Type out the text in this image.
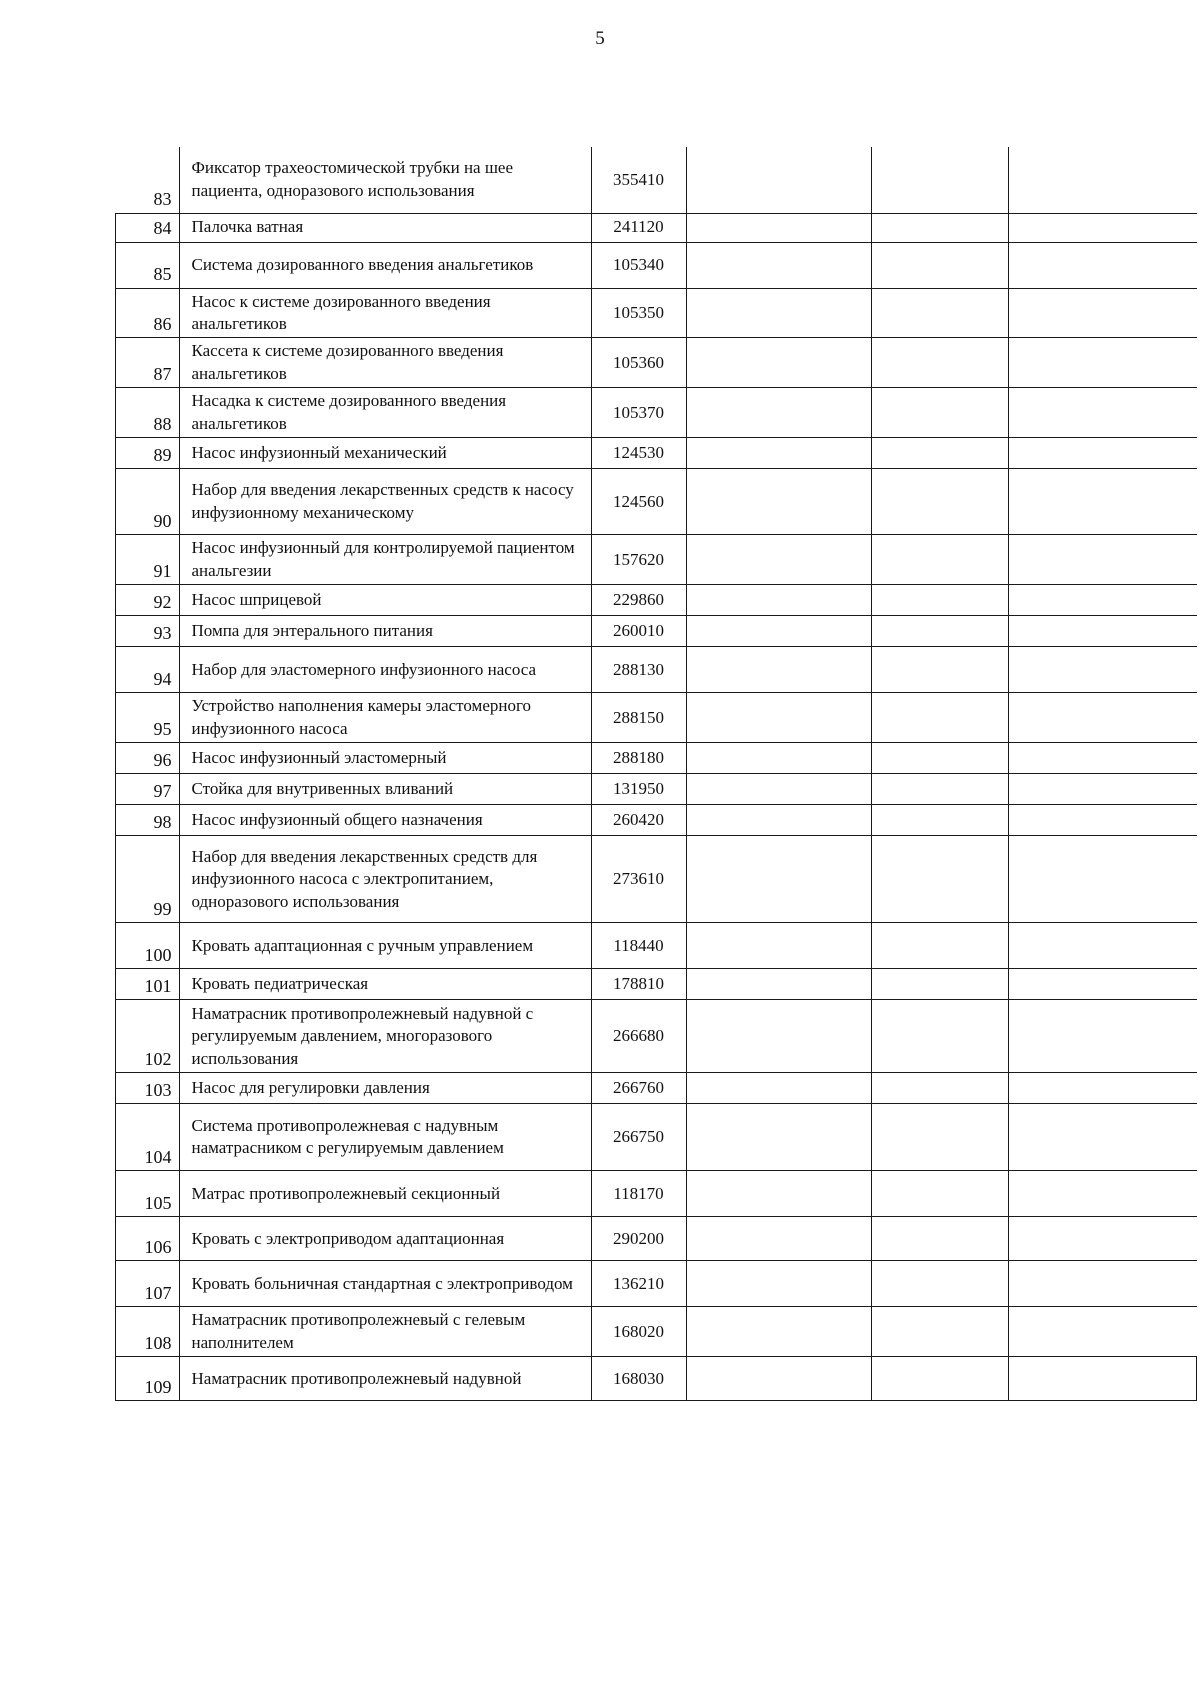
5
83	Фиксатор трахеостомической трубки на шее пациента, одноразового использования	355410			
84	Палочка ватная	241120			
85	Система дозированного введения анальгетиков	105340			
86	Насос к системе дозированного введения анальгетиков	105350			
87	Кассета к системе дозированного введения анальгетиков	105360			
88	Насадка к системе дозированного введения анальгетиков	105370			
89	Насос инфузионный механический	124530			
90	Набор для введения лекарственных средств к насосу инфузионному механическому	124560			
91	Насос инфузионный для контролируемой пациентом анальгезии	157620			
92	Насос шприцевой	229860			
93	Помпа для энтерального питания	260010			
94	Набор для эластомерного инфузионного насоса	288130			
95	Устройство наполнения камеры эластомерного инфузионного насоса	288150			
96	Насос инфузионный эластомерный	288180			
97	Стойка для внутривенных вливаний	131950			
98	Насос инфузионный общего назначения	260420			
99	Набор для введения лекарственных средств для инфузионного насоса с электропитанием, одноразового использования	273610			
100	Кровать адаптационная с ручным управлением	118440			
101	Кровать педиатрическая	178810			
102	Наматрасник противопролежневый надувной с регулируемым давлением, многоразового использования	266680			
103	Насос для регулировки давления	266760			
104	Система противопролежневая с надувным наматрасником с регулируемым давлением	266750			
105	Матрас противопролежневый секционный	118170			
106	Кровать с электроприводом адаптационная	290200			
107	Кровать больничная стандартная с электроприводом	136210			
108	Наматрасник противопролежневый с гелевым наполнителем	168020			
109	Наматрасник противопролежневый надувной	168030			
